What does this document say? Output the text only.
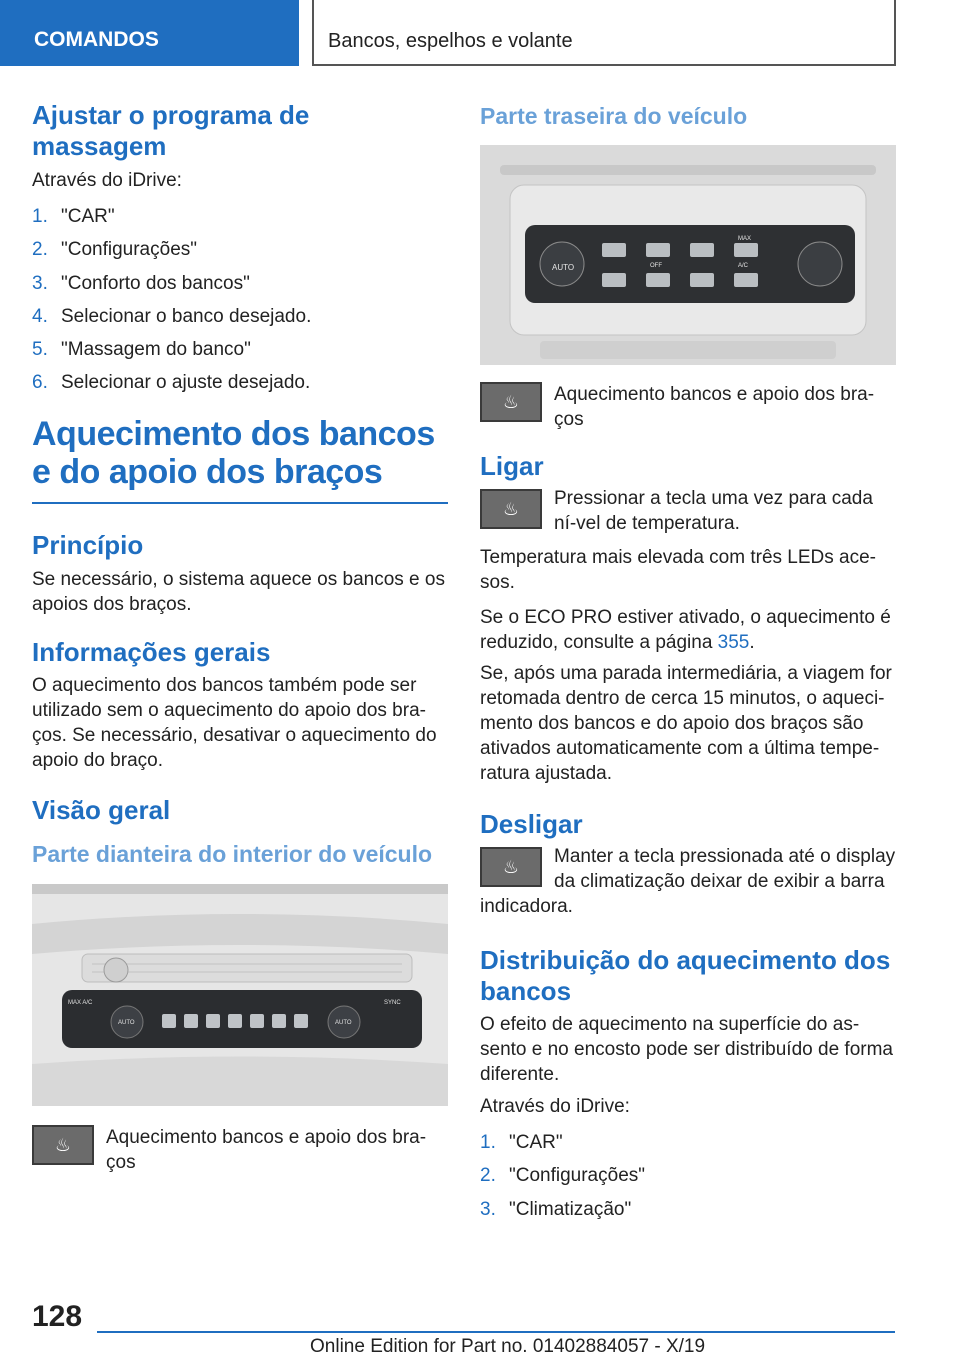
COMANDOS	Bancos, espelhos e volante
Ajustar o programa de massagem

Através do iDrive:

1. "CAR"
2. "Configurações"
3. "Conforto dos bancos"
4. Selecionar o banco desejado.
5. "Massagem do banco"
6. Selecionar o ajuste desejado.
Aquecimento dos bancos e do apoio dos braços
Princípio

Se necessário, o sistema aquece os bancos e os apoios dos braços.

Informações gerais

O aquecimento dos bancos também pode ser utilizado sem o aquecimento do apoio dos bra-ços. Se necessário, desativar o aquecimento do apoio do braço.

Visão geral
Parte dianteira do interior do veículo
MAX A/C
AUTO	AUTO
SYNC
♨	Aquecimento bancos e apoio dos bra-ços

Parte traseira do veículo
AUTO	OFF
MAX
A/C
♨	Aquecimento bancos e apoio dos bra-ços

Ligar
♨	Pressionar a tecla uma vez para cada ní-vel de temperatura.

Temperatura mais elevada com três LEDs ace-sos.

Se o ECO PRO estiver ativado, o aquecimento é reduzido, consulte a página 355.

Se, após uma parada intermediária, a viagem for retomada dentro de cerca 15 minutos, o aqueci-mento dos bancos e do apoio dos braços são ativados automaticamente com a última tempe-ratura ajustada.

Desligar
♨	Manter a tecla pressionada até o display da climatização deixar de exibir a barra

indicadora.

Distribuição do aquecimento dos bancos

O efeito de aquecimento na superfície do as-sento e no encosto pode ser distribuído de forma diferente.

Através do iDrive:

1. "CAR"
2. "Configurações"
3. "Climatização"
128
Online Edition for Part no. 01402884057 - X/19
